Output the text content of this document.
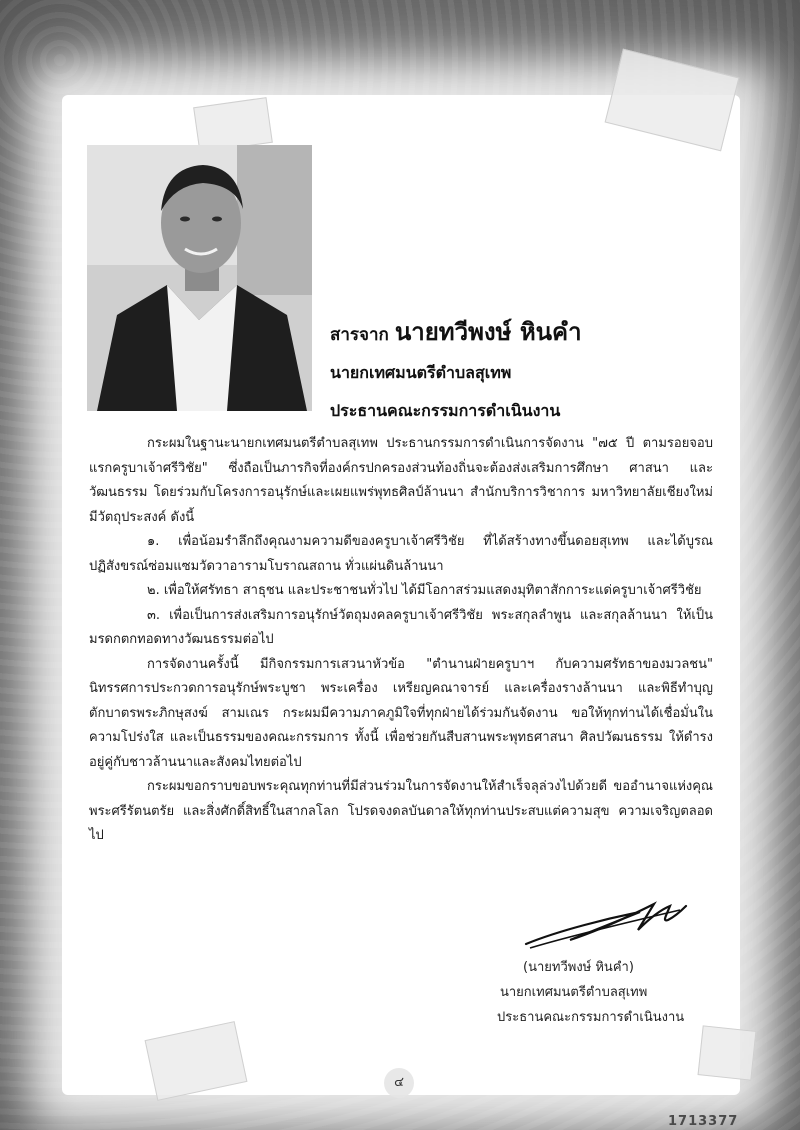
สารจาก นายทวีพงษ์ หินคำ
นายกเทศมนตรีตำบลสุเทพ
ประธานคณะกรรมการดำเนินงาน

กระผมในฐานะนายกเทศมนตรีตำบลสุเทพ ประธานกรรมการดำเนินการจัดงาน "๗๕ ปี ตามรอยจอบแรกครูบาเจ้าศรีวิชัย" ซึ่งถือเป็นภารกิจที่องค์กรปกครองส่วนท้องถิ่นจะต้องส่งเสริมการศึกษา ศาสนา และวัฒนธรรม โดยร่วมกับโครงการอนุรักษ์และเผยแพร่พุทธศิลป์ล้านนา สำนักบริการวิชาการ มหาวิทยาลัยเชียงใหม่ มีวัตถุประสงค์ ดังนี้

๑. เพื่อน้อมรำลึกถึงคุณงามความดีของครูบาเจ้าศรีวิชัย ที่ได้สร้างทางขึ้นดอยสุเทพ และได้บูรณปฏิสังขรณ์ซ่อมแซมวัดวาอารามโบราณสถาน ทั่วแผ่นดินล้านนา

๒. เพื่อให้ศรัทธา สาธุชน และประชาชนทั่วไป ได้มีโอกาสร่วมแสดงมุทิตาสักการะแด่ครูบาเจ้าศรีวิชัย

๓. เพื่อเป็นการส่งเสริมการอนุรักษ์วัตถุมงคลครูบาเจ้าศรีวิชัย พระสกุลลำพูน และสกุลล้านนา ให้เป็นมรดกตกทอดทางวัฒนธรรมต่อไป

การจัดงานครั้งนี้ มีกิจกรรมการเสวนาหัวข้อ "ตำนานฝ่ายครูบาฯ กับความศรัทธาของมวลชน" นิทรรศการประกวดการอนุรักษ์พระบูชา พระเครื่อง เหรียญคณาจารย์ และเครื่องรางล้านนา และพิธีทำบุญตักบาตรพระภิกษุสงฆ์ สามเณร กระผมมีความภาคภูมิใจที่ทุกฝ่ายได้ร่วมกันจัดงาน ขอให้ทุกท่านได้เชื่อมั่นในความโปร่งใส และเป็นธรรมของคณะกรรมการ ทั้งนี้ เพื่อช่วยกันสืบสานพระพุทธศาสนา ศิลปวัฒนธรรม ให้ดำรงอยู่คู่กับชาวล้านนาและสังคมไทยต่อไป

กระผมขอกราบขอบพระคุณทุกท่านที่มีส่วนร่วมในการจัดงานให้สำเร็จลุล่วงไปด้วยดี ขออำนาจแห่งคุณพระศรีรัตนตรัย และสิ่งศักดิ์สิทธิ์ในสากลโลก โปรดจงดลบันดาลให้ทุกท่านประสบแต่ความสุข ความเจริญตลอดไป

(นายทวีพงษ์ หินคำ)
นายกเทศมนตรีตำบลสุเทพ
ประธานคณะกรรมการดำเนินงาน
๔
1713377
